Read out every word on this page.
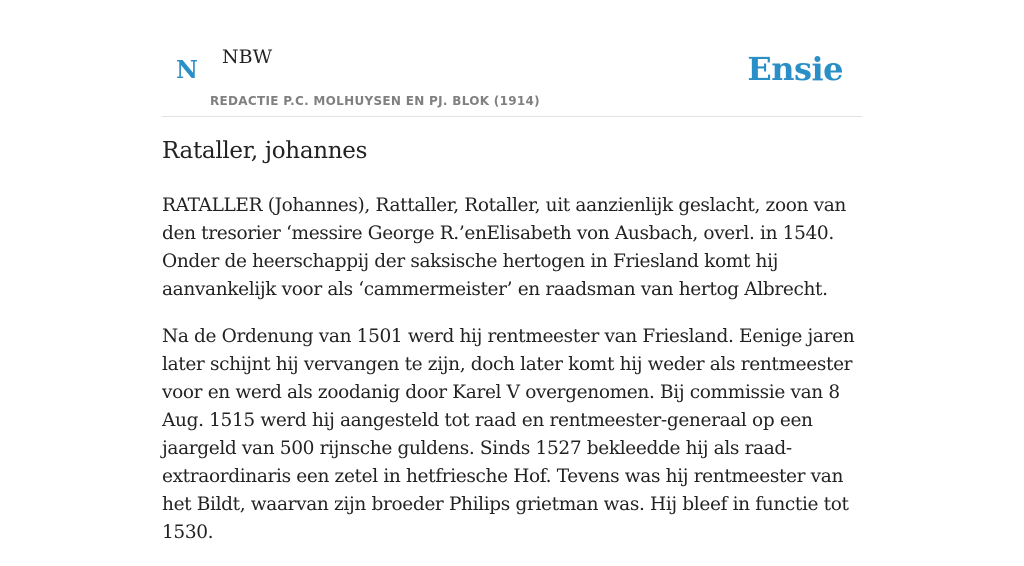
N NBW
REDACTIE P.C. MOLHUYSEN EN PJ. BLOK (1914)
Ensie
Rataller, johannes

RATALLER (Johannes), Rattaller, Rotaller, uit aanzienlijk geslacht, zoon van den tresorier ‘messire George R.’enElisabeth von Ausbach, overl. in 1540. Onder de heerschappij der saksische hertogen in Friesland komt hij aanvankelijk voor als ‘cammermeister’ en raadsman van hertog Albrecht.

Na de Ordenung van 1501 werd hij rentmeester van Friesland. Eenige jaren later schijnt hij vervangen te zijn, doch later komt hij weder als rentmeester voor en werd als zoodanig door Karel V overgenomen. Bij commissie van 8 Aug. 1515 werd hij aangesteld tot raad en rentmeester-generaal op een jaargeld van 500 rijnsche guldens. Sinds 1527 bekleedde hij als raad-extraordinaris een zetel in hetfriesche Hof. Tevens was hij rentmeester van het Bildt, waarvan zijn broeder Philips grietman was. Hij bleef in functie tot 1530.
